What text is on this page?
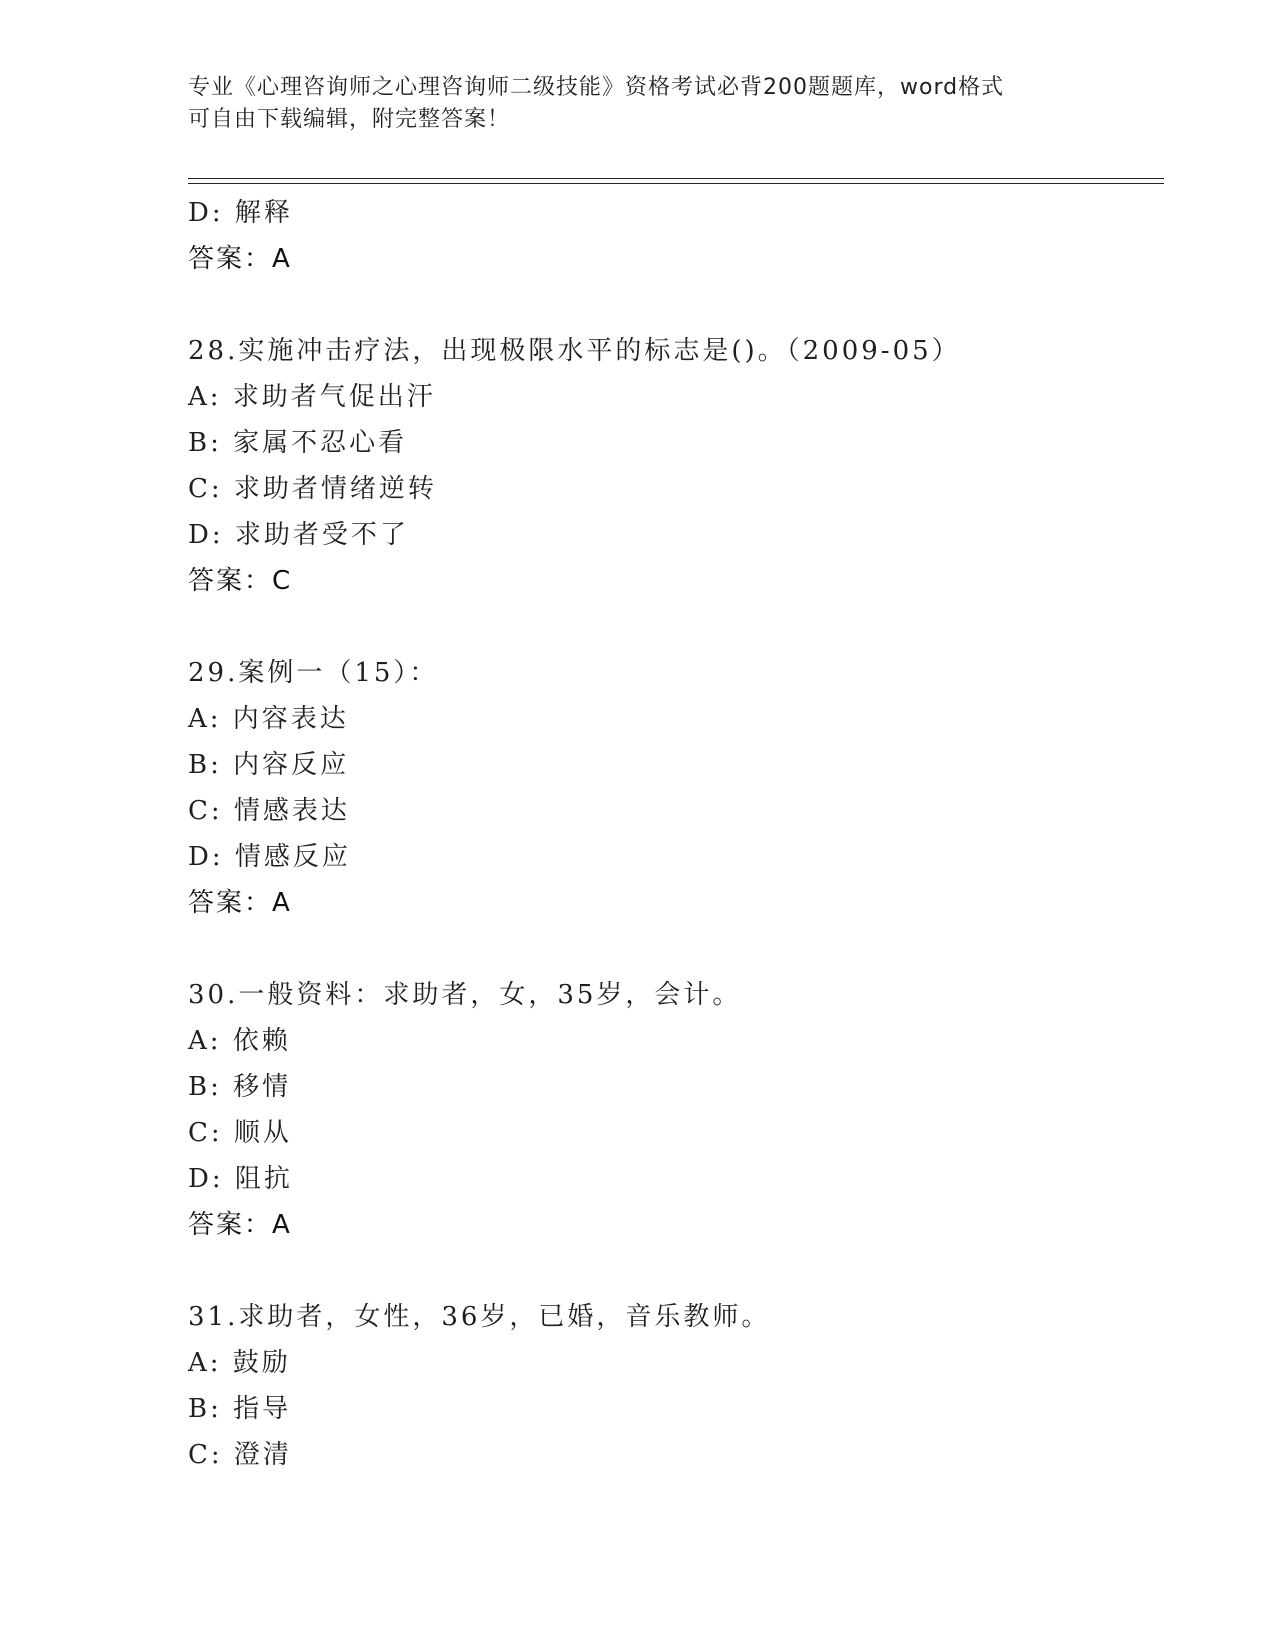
专业《心理咨询师之心理咨询师二级技能》资格考试必背200题题库，word格式
可自由下载编辑，附完整答案！
D: 解释
答案：A
28.实施冲击疗法，出现极限水平的标志是()。（2009-05）
A: 求助者气促出汗
B: 家属不忍心看
C: 求助者情绪逆转
D: 求助者受不了
答案：C
29.案例一（15）：
A: 内容表达
B: 内容反应
C: 情感表达
D: 情感反应
答案：A
30.一般资料：求助者，女，35岁，会计。
A: 依赖
B: 移情
C: 顺从
D: 阻抗
答案：A
31.求助者，女性，36岁，已婚，音乐教师。
A: 鼓励
B: 指导
C: 澄清
